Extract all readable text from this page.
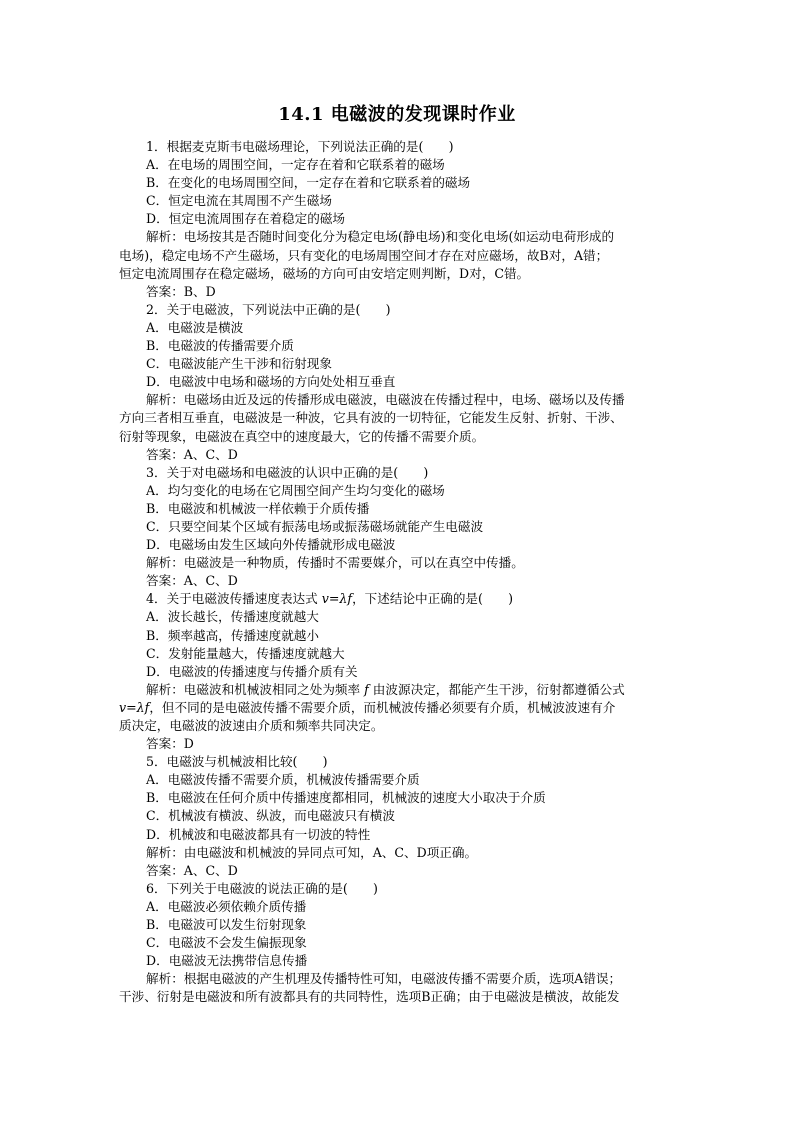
14.1 电磁波的发现课时作业

1．根据麦克斯韦电磁场理论，下列说法正确的是(　　)

A．在电场的周围空间，一定存在着和它联系着的磁场

B．在变化的电场周围空间，一定存在着和它联系着的磁场

C．恒定电流在其周围不产生磁场

D．恒定电流周围存在着稳定的磁场

解析：电场按其是否随时间变化分为稳定电场(静电场)和变化电场(如运动电荷形成的

电场)，稳定电场不产生磁场，只有变化的电场周围空间才存在对应磁场，故B对，A错；

恒定电流周围存在稳定磁场，磁场的方向可由安培定则判断，D对，C错。

答案：B、D

2．关于电磁波，下列说法中正确的是(　　)

A．电磁波是横波

B．电磁波的传播需要介质

C．电磁波能产生干涉和衍射现象

D．电磁波中电场和磁场的方向处处相互垂直

解析：电磁场由近及远的传播形成电磁波，电磁波在传播过程中，电场、磁场以及传播

方向三者相互垂直，电磁波是一种波，它具有波的一切特征，它能发生反射、折射、干涉、

衍射等现象，电磁波在真空中的速度最大，它的传播不需要介质。

答案：A、C、D

3．关于对电磁场和电磁波的认识中正确的是(　　)

A．均匀变化的电场在它周围空间产生均匀变化的磁场

B．电磁波和机械波一样依赖于介质传播

C．只要空间某个区域有振荡电场或振荡磁场就能产生电磁波

D．电磁场由发生区域向外传播就形成电磁波

解析：电磁波是一种物质，传播时不需要媒介，可以在真空中传播。

答案：A、C、D

4．关于电磁波传播速度表达式 v=λf，下述结论中正确的是(　　)

A．波长越长，传播速度就越大

B．频率越高，传播速度就越小

C．发射能量越大，传播速度就越大

D．电磁波的传播速度与传播介质有关

解析：电磁波和机械波相同之处为频率 f 由波源决定，都能产生干涉，衍射都遵循公式

v=λf，但不同的是电磁波传播不需要介质，而机械波传播必须要有介质，机械波波速有介

质决定，电磁波的波速由介质和频率共同决定。

答案：D

5．电磁波与机械波相比较(　　)

A．电磁波传播不需要介质，机械波传播需要介质

B．电磁波在任何介质中传播速度都相同，机械波的速度大小取决于介质

C．机械波有横波、纵波，而电磁波只有横波

D．机械波和电磁波都具有一切波的特性

解析：由电磁波和机械波的异同点可知，A、C、D项正确。

答案：A、C、D

6．下列关于电磁波的说法正确的是(　　)

A．电磁波必须依赖介质传播

B．电磁波可以发生衍射现象

C．电磁波不会发生偏振现象

D．电磁波无法携带信息传播

解析：根据电磁波的产生机理及传播特性可知，电磁波传播不需要介质，选项A错误；

干涉、衍射是电磁波和所有波都具有的共同特性，选项B正确；由于电磁波是横波，故能发
